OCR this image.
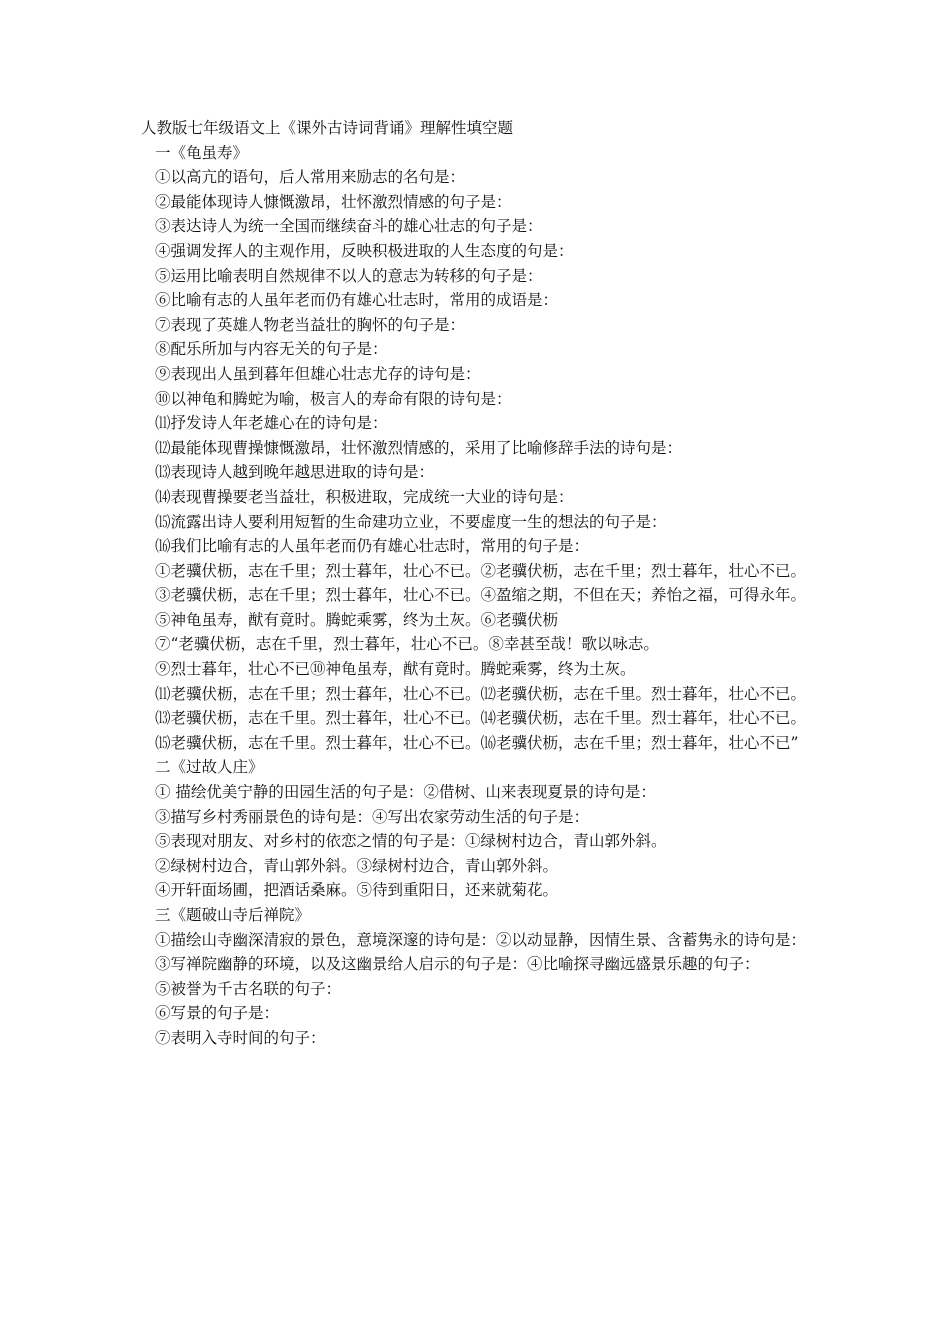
人教版七年级语文上《课外古诗词背诵》理解性填空题

一《龟虽寿》

①以高亢的语句，后人常用来励志的名句是：

②最能体现诗人慷慨激昂，壮怀激烈情感的句子是：

③表达诗人为统一全国而继续奋斗的雄心壮志的句子是：

④强调发挥人的主观作用，反映积极进取的人生态度的句是：

⑤运用比喻表明自然规律不以人的意志为转移的句子是：

⑥比喻有志的人虽年老而仍有雄心壮志时，常用的成语是：

⑦表现了英雄人物老当益壮的胸怀的句子是：

⑧配乐所加与内容无关的句子是：

⑨表现出人虽到暮年但雄心壮志尤存的诗句是：

⑩以神龟和腾蛇为喻，极言人的寿命有限的诗句是：

⑾抒发诗人年老雄心在的诗句是：

⑿最能体现曹操慷慨激昂，壮怀激烈情感的，采用了比喻修辞手法的诗句是：

⒀表现诗人越到晚年越思进取的诗句是：

⒁表现曹操要老当益壮，积极进取，完成统一大业的诗句是：

⒂流露出诗人要利用短暂的生命建功立业，不要虚度一生的想法的句子是：

⒃我们比喻有志的人虽年老而仍有雄心壮志时，常用的句子是：

①老骥伏枥，志在千里；烈士暮年，壮心不已。②老骥伏枥，志在千里；烈士暮年，壮心不已。

③老骥伏枥，志在千里；烈士暮年，壮心不已。④盈缩之期，不但在天；养怡之福，可得永年。

⑤神龟虽寿，猷有竟时。腾蛇乘雾，终为土灰。⑥老骥伏枥

⑦“老骥伏枥，志在千里，烈士暮年，壮心不已。⑧幸甚至哉！歌以咏志。

⑨烈士暮年，壮心不已⑩神龟虽寿，猷有竟时。腾蛇乘雾，终为土灰。

⑾老骥伏枥，志在千里；烈士暮年，壮心不已。⑿老骥伏枥，志在千里。烈士暮年，壮心不已。

⒀老骥伏枥，志在千里。烈士暮年，壮心不已。⒁老骥伏枥，志在千里。烈士暮年，壮心不已。

⒂老骥伏枥，志在千里。烈士暮年，壮心不已。⒃老骥伏枥，志在千里；烈士暮年，壮心不已”

二《过故人庄》

① 描绘优美宁静的田园生活的句子是：②借树、山来表现夏景的诗句是：

③描写乡村秀丽景色的诗句是：④写出农家劳动生活的句子是：

⑤表现对朋友、对乡村的依恋之情的句子是：①绿树村边合，青山郭外斜。

②绿树村边合，青山郭外斜。③绿树村边合，青山郭外斜。

④开轩面场圃，把酒话桑麻。⑤待到重阳日，还来就菊花。

三《题破山寺后禅院》

①描绘山寺幽深清寂的景色，意境深邃的诗句是：②以动显静，因情生景、含蓄隽永的诗句是：

③写禅院幽静的环境，以及这幽景给人启示的句子是：④比喻探寻幽远盛景乐趣的句子：

⑤被誉为千古名联的句子：

⑥写景的句子是：

⑦表明入寺时间的句子：
